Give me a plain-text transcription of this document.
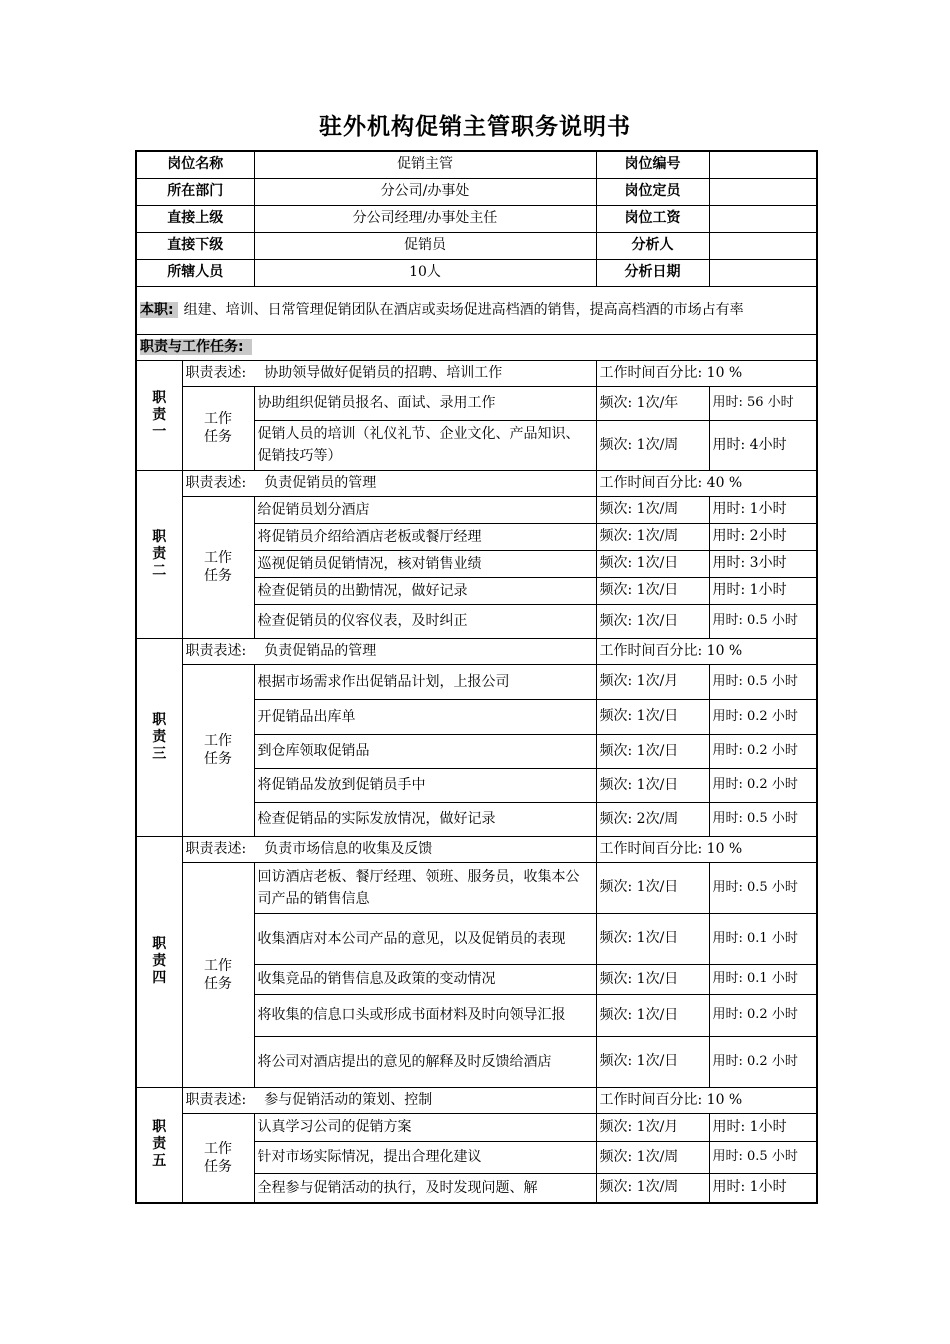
驻外机构促销主管职务说明书
岗位名称		促销主管	岗位编号	
所在部门		分公司/办事处	岗位定员	
直接上级		分公司经理/办事处主任	岗位工资	
直接下级		促销员	分析人	
所辖人员		10人	分析日期	
本职: 组建、培训、日常管理促销团队在酒店或卖场促进高档酒的销售，提高高档酒的市场占有率				
职责与工作任务:				

职责一	职责表述: 协助领导做好促销员的招聘、培训工作		工作时间百分比: 10 %	

	工作任务	协助组织促销员报名、面试、录用工作	频次: 1次/年	用时: 56 小时
		促销人员的培训（礼仪礼节、企业文化、产品知识、促销技巧等）	频次: 1次/周	用时: 4小时

职责二	职责表述: 负责促销员的管理		工作时间百分比: 40 %	

	工作任务	给促销员划分酒店	频次: 1次/周	用时: 1小时
		将促销员介绍给酒店老板或餐厅经理	频次: 1次/周	用时: 2小时
		巡视促销员促销情况，核对销售业绩	频次: 1次/日	用时: 3小时
		检查促销员的出勤情况，做好记录	频次: 1次/日	用时: 1小时
		检查促销员的仪容仪表，及时纠正	频次: 1次/日	用时: 0.5 小时

职责三	职责表述: 负责促销品的管理		工作时间百分比: 10 %	

	工作任务	根据市场需求作出促销品计划，上报公司	频次: 1次/月	用时: 0.5 小时
		开促销品出库单	频次: 1次/日	用时: 0.2 小时
		到仓库领取促销品	频次: 1次/日	用时: 0.2 小时
		将促销品发放到促销员手中	频次: 1次/日	用时: 0.2 小时
		检查促销品的实际发放情况，做好记录	频次: 2次/周	用时: 0.5 小时

职责四	职责表述: 负责市场信息的收集及反馈		工作时间百分比: 10 %	

	工作任务	回访酒店老板、餐厅经理、领班、服务员，收集本公司产品的销售信息	频次: 1次/日	用时: 0.5 小时
		收集酒店对本公司产品的意见，以及促销员的表现	频次: 1次/日	用时: 0.1 小时
		收集竞品的销售信息及政策的变动情况	频次: 1次/日	用时: 0.1 小时
		将收集的信息口头或形成书面材料及时向领导汇报	频次: 1次/日	用时: 0.2 小时
		将公司对酒店提出的意见的解释及时反馈给酒店	频次: 1次/日	用时: 0.2 小时

职责五	职责表述: 参与促销活动的策划、控制		工作时间百分比: 10 %	

	工作任务	认真学习公司的促销方案	频次: 1次/月	用时: 1小时
		针对市场实际情况，提出合理化建议	频次: 1次/周	用时: 0.5 小时
		全程参与促销活动的执行，及时发现问题、解	频次: 1次/周	用时: 1小时
